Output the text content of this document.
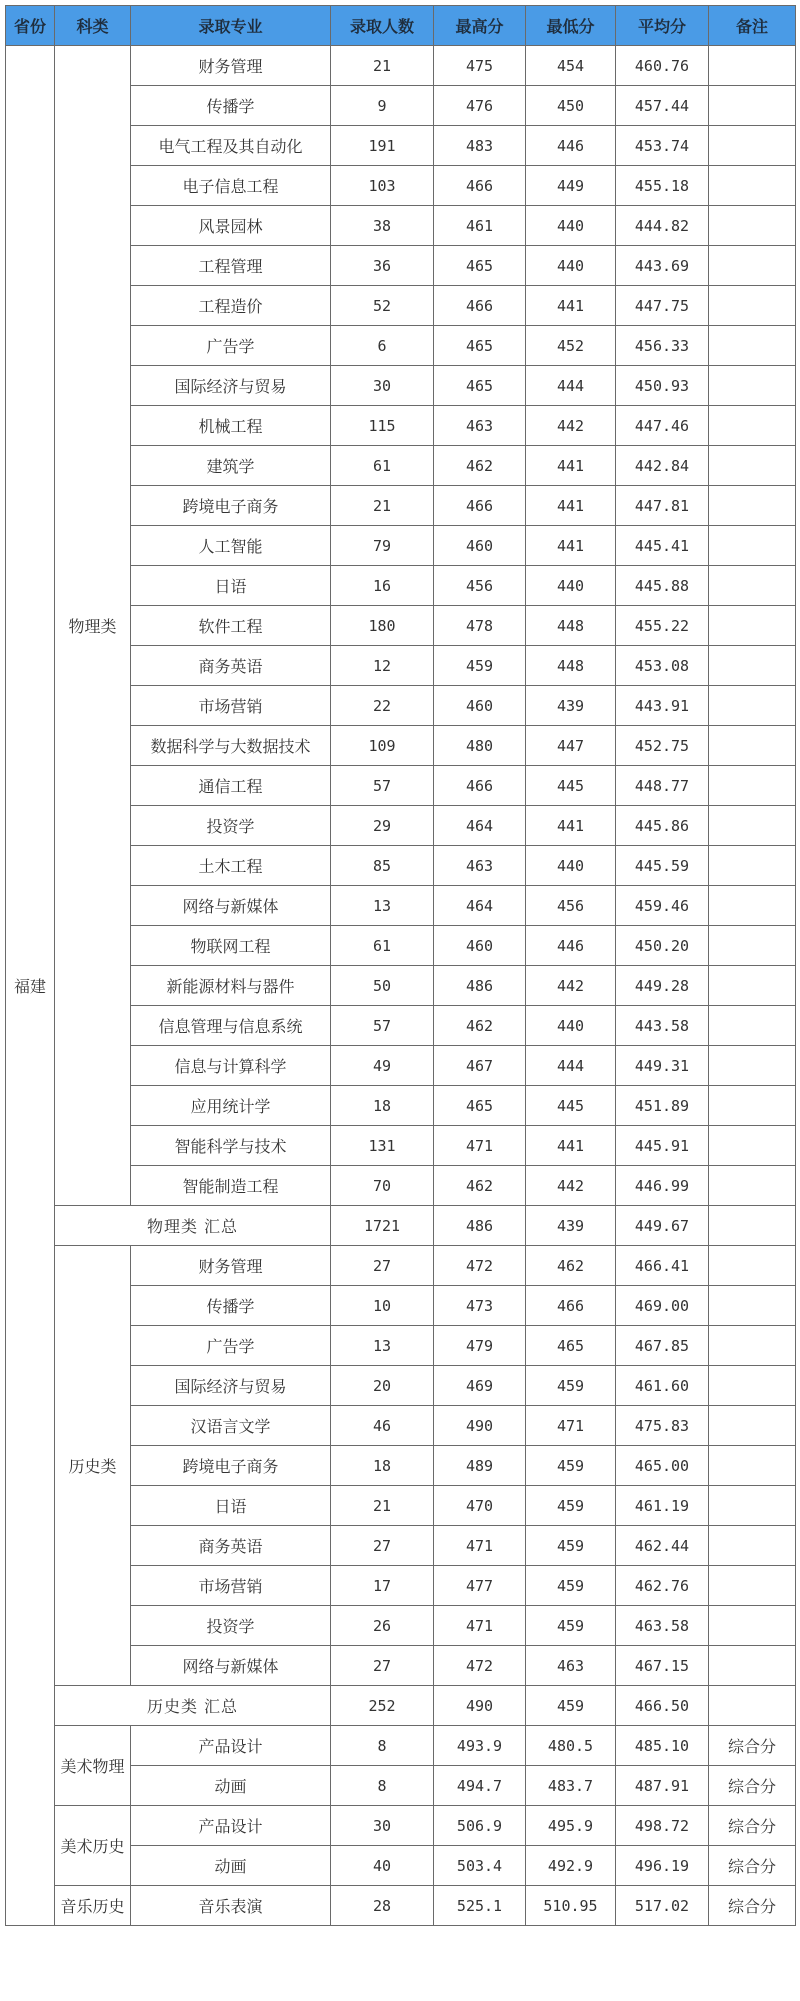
省份	科类	录取专业	录取人数	最高分	最低分	平均分	备注
福建	物理类	财务管理	21	475	454	460.76	
		传播学	9	476	450	457.44	
		电气工程及其自动化	191	483	446	453.74	
		电子信息工程	103	466	449	455.18	
		风景园林	38	461	440	444.82	
		工程管理	36	465	440	443.69	
		工程造价	52	466	441	447.75	
		广告学	6	465	452	456.33	
		国际经济与贸易	30	465	444	450.93	
		机械工程	115	463	442	447.46	
		建筑学	61	462	441	442.84	
		跨境电子商务	21	466	441	447.81	
		人工智能	79	460	441	445.41	
		日语	16	456	440	445.88	
		软件工程	180	478	448	455.22	
		商务英语	12	459	448	453.08	
		市场营销	22	460	439	443.91	
		数据科学与大数据技术	109	480	447	452.75	
		通信工程	57	466	445	448.77	
		投资学	29	464	441	445.86	
		土木工程	85	463	440	445.59	
		网络与新媒体	13	464	456	459.46	
		物联网工程	61	460	446	450.20	
		新能源材料与器件	50	486	442	449.28	
		信息管理与信息系统	57	462	440	443.58	
		信息与计算科学	49	467	444	449.31	
		应用统计学	18	465	445	451.89	
		智能科学与技术	131	471	441	445.91	
		智能制造工程	70	462	442	446.99	
	物理类 汇总		1721	486	439	449.67	
	历史类	财务管理	27	472	462	466.41	
		传播学	10	473	466	469.00	
		广告学	13	479	465	467.85	
		国际经济与贸易	20	469	459	461.60	
		汉语言文学	46	490	471	475.83	
		跨境电子商务	18	489	459	465.00	
		日语	21	470	459	461.19	
		商务英语	27	471	459	462.44	
		市场营销	17	477	459	462.76	
		投资学	26	471	459	463.58	
		网络与新媒体	27	472	463	467.15	
	历史类 汇总		252	490	459	466.50	
	美术物理	产品设计	8	493.9	480.5	485.10	综合分
		动画	8	494.7	483.7	487.91	综合分
	美术历史	产品设计	30	506.9	495.9	498.72	综合分
		动画	40	503.4	492.9	496.19	综合分
	音乐历史	音乐表演	28	525.1	510.95	517.02	综合分
